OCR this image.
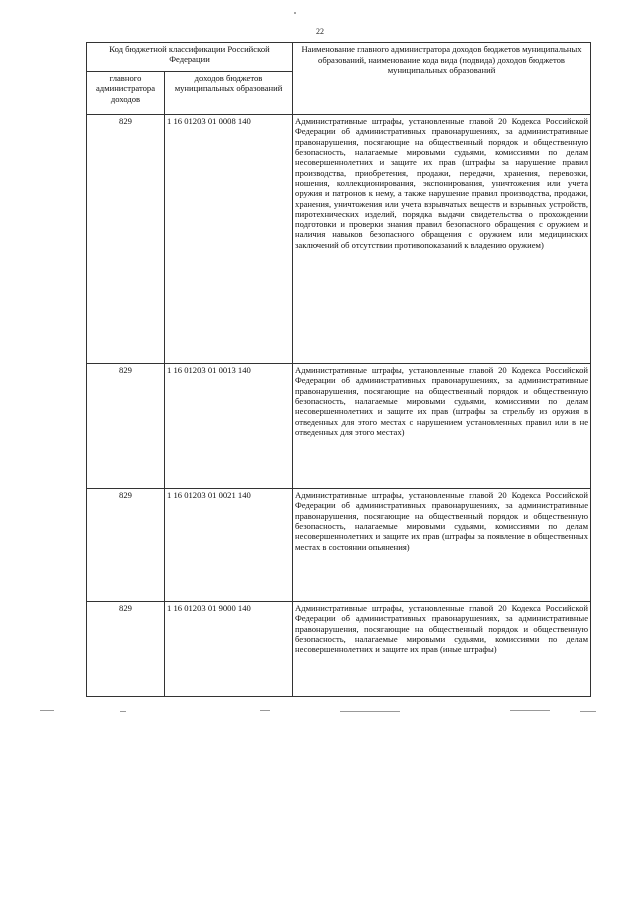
22
Код бюджетной классификации Российской Федерации		Наименование главного администратора доходов бюджетов муниципальных образований, наименование кода вида (подвида) доходов бюджетов муниципальных образований
главного администратора доходов	доходов бюджетов муниципальных образований	
829	1 16 01203 01 0008 140	Административные штрафы, установленные главой 20 Кодекса Российской Федерации об административных правонарушениях, за административные правонарушения, посягающие на общественный порядок и общественную безопасность, налагаемые мировыми судьями, комиссиями по делам несовершеннолетних и защите их прав (штрафы за нарушение правил производства, приобретения, продажи, передачи, хранения, перевозки, ношения, коллекционирования, экспонирования, уничтожения или учета оружия и патронов к нему, а также нарушение правил производства, продажи, хранения, уничтожения или учета взрывчатых веществ и взрывных устройств, пиротехнических изделий, порядка выдачи свидетельства о прохождении подготовки и проверки знания правил безопасного обращения с оружием и наличия навыков безопасного обращения с оружием или медицинских заключений об отсутствии противопоказаний к владению оружием)
829	1 16 01203 01 0013 140	Административные штрафы, установленные главой 20 Кодекса Российской Федерации об административных правонарушениях, за административные правонарушения, посягающие на общественный порядок и общественную безопасность, налагаемые мировыми судьями, комиссиями по делам несовершеннолетних и защите их прав (штрафы за стрельбу из оружия в отведенных для этого местах с нарушением установленных правил или в не отведенных для этого местах)
829	1 16 01203 01 0021 140	Административные штрафы, установленные главой 20 Кодекса Российской Федерации об административных правонарушениях, за административные правонарушения, посягающие на общественный порядок и общественную безопасность, налагаемые мировыми судьями, комиссиями по делам несовершеннолетних и защите их прав (штрафы за появление в общественных местах в состоянии опьянения)
829	1 16 01203 01 9000 140	Административные штрафы, установленные главой 20 Кодекса Российской Федерации об административных правонарушениях, за административные правонарушения, посягающие на общественный порядок и общественную безопасность, налагаемые мировыми судьями, комиссиями по делам несовершеннолетних и защите их прав (иные штрафы)
